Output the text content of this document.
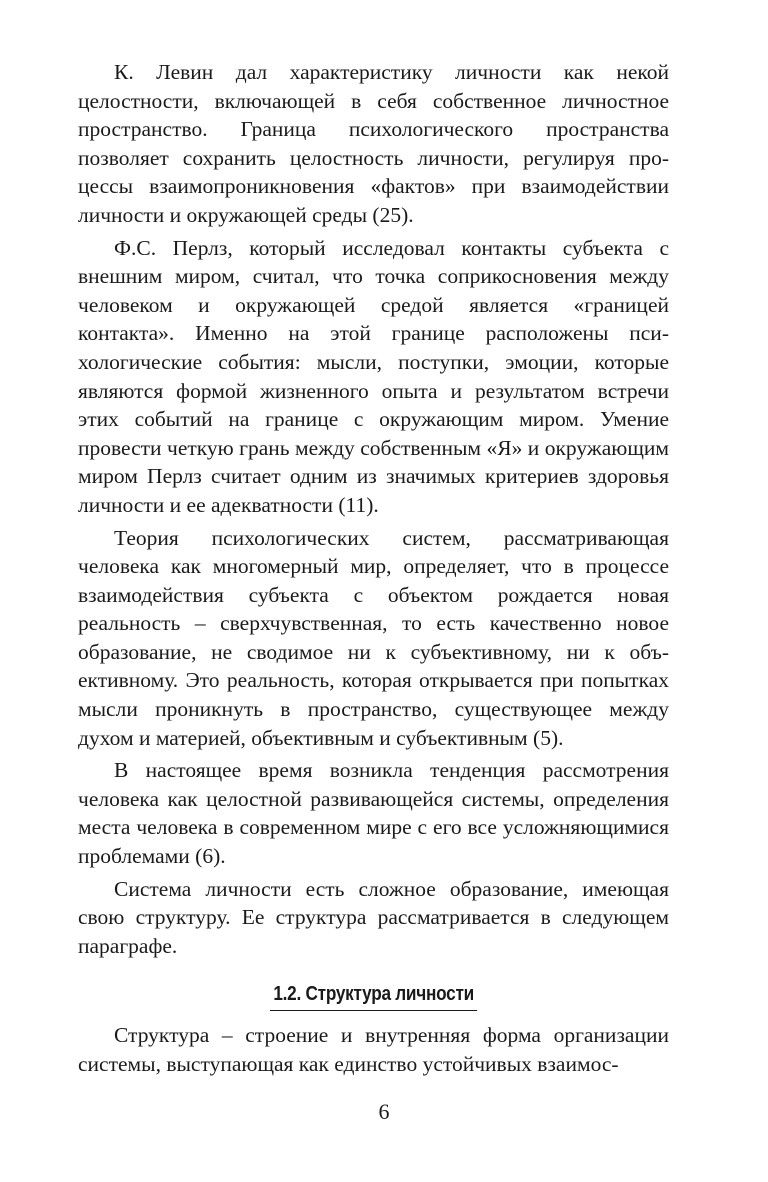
К. Левин дал характеристику личности как некой целостности, включающей в себя собственное личностное пространство. Граница психологического пространства позволяет сохранить целостность личности, регулируя процессы взаимопроникновения «фактов» при взаимодействии личности и окружающей среды (25).

Ф.С. Перлз, который исследовал контакты субъекта с внешним миром, считал, что точка соприкосновения между человеком и окружающей средой является «границей контакта». Именно на этой границе расположены психологические события: мысли, поступки, эмоции, которые являются формой жизненного опыта и результатом встречи этих событий на границе с окружающим миром. Умение провести четкую грань между собственным «Я» и окружающим миром Перлз считает одним из значимых критериев здоровья личности и ее адекватности (11).

Теория психологических систем, рассматривающая человека как многомерный мир, определяет, что в процессе взаимодействия субъекта с объектом рождается новая реальность – сверхчувственная, то есть качественно новое образование, не сводимое ни к субъективному, ни к объективному. Это реальность, которая открывается при попытках мысли проникнуть в пространство, существующее между духом и материей, объективным и субъективным (5).

В настоящее время возникла тенденция рассмотрения человека как целостной развивающейся системы, определения места человека в современном мире с его все усложняющимися проблемами (6).

Система личности есть сложное образование, имеющая свою структуру. Ее структура рассматривается в следующем параграфе.

1.2. Структура личности

Структура – строение и внутренняя форма организации системы, выступающая как единство устойчивых взаимос-

6
